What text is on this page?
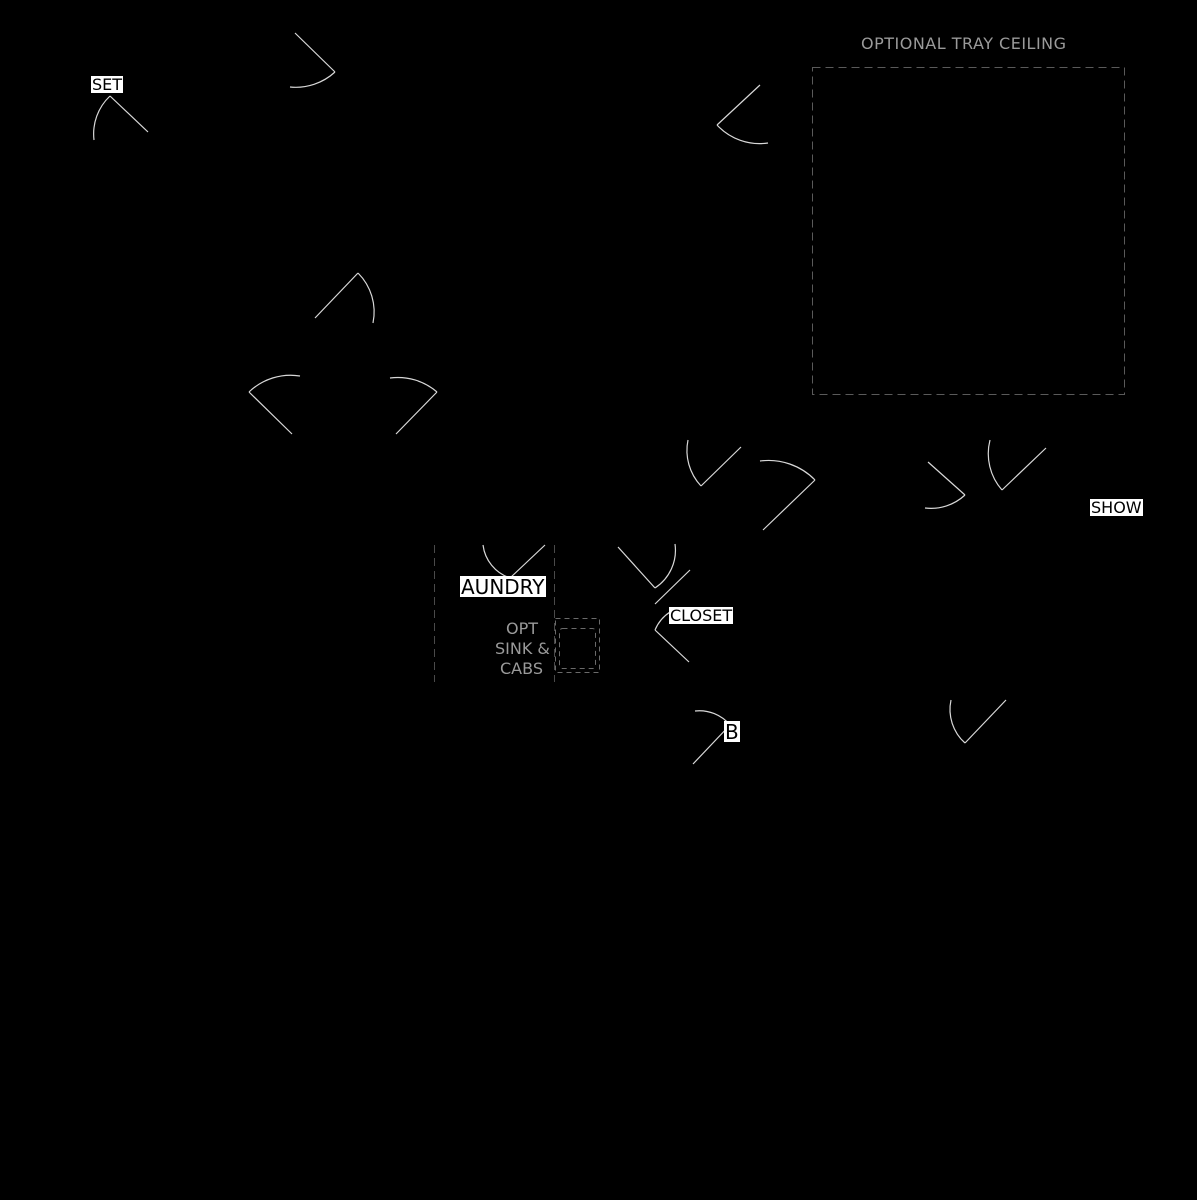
OPTIONAL TRAY CEILING
SET
AUNDRY
OPT
SINK &
CABS
CLOSET
B
SHOW
